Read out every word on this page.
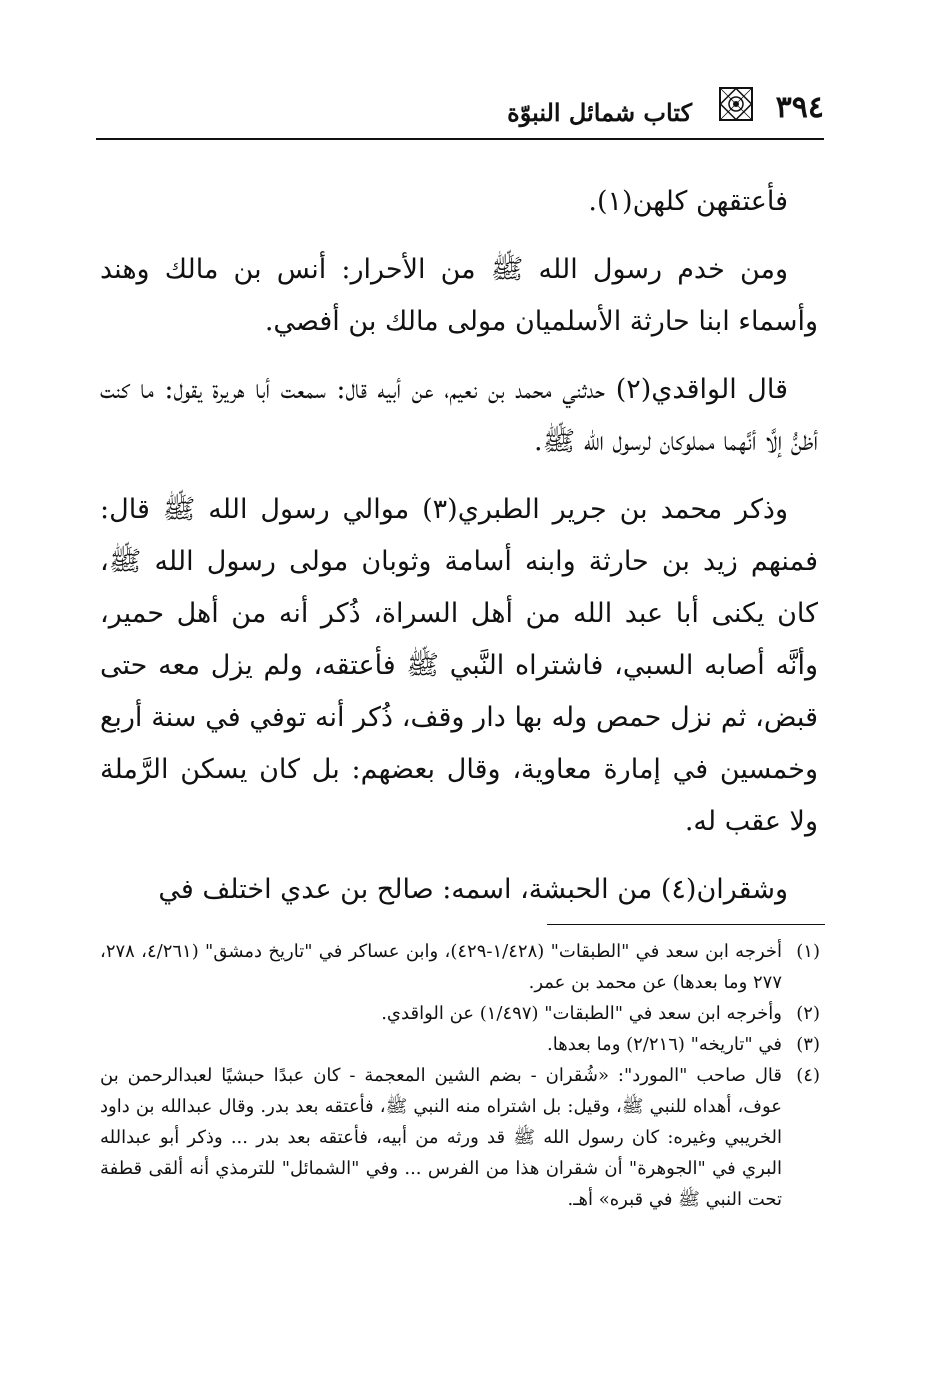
٣٩٤
كتاب شمائل النبوّة

فأعتقهن كلهن(١).

ومن خدم رسول الله ﷺ من الأحرار: أنس بن مالك وهند وأسماء ابنا حارثة الأسلميان مولى مالك بن أفصي.

قال الواقدي(٢) حدثني محمد بن نعيم، عن أبيه قال: سمعت أبا هريرة يقول: ما كنت أظنُّ إلَّا أنَّهما مملوكان لرسول الله ﷺ.

وذكر محمد بن جرير الطبري(٣) موالي رسول الله ﷺ قال: فمنهم زيد بن حارثة وابنه أسامة وثوبان مولى رسول الله ﷺ، كان يكنى أبا عبد الله من أهل السراة، ذُكر أنه من أهل حمير، وأنَّه أصابه السبي، فاشتراه النَّبي ﷺ فأعتقه، ولم يزل معه حتى قبض، ثم نزل حمص وله بها دار وقف، ذُكر أنه توفي في سنة أربع وخمسين في إمارة معاوية، وقال بعضهم: بل كان يسكن الرَّملة ولا عقب له.

وشقران(٤) من الحبشة، اسمه: صالح بن عدي اختلف في

(١)
أخرجه ابن سعد في "الطبقات" (١/٤٢٨-٤٢٩)، وابن عساكر في "تاريخ دمشق" (٤/٢٦١، ٢٧٨، ٢٧٧ وما بعدها) عن محمد بن عمر.
(٢)
وأخرجه ابن سعد في "الطبقات" (١/٤٩٧) عن الواقدي.
(٣)
في "تاريخه" (٢/٢١٦) وما بعدها.
(٤)
قال صاحب "المورد": «شُقران - بضم الشين المعجمة - كان عبدًا حبشيًا لعبدالرحمن بن عوف، أهداه للنبي ﷺ، وقيل: بل اشتراه منه النبي ﷺ، فأعتقه بعد بدر. وقال عبدالله بن داود الخريبي وغيره: كان رسول الله ﷺ قد ورثه من أبيه، فأعتقه بعد بدر ... وذكر أبو عبدالله البري في "الجوهرة" أن شقران هذا من الفرس ... وفي "الشمائل" للترمذي أنه ألقى قطفة تحت النبي ﷺ في قبره» أهـ.
